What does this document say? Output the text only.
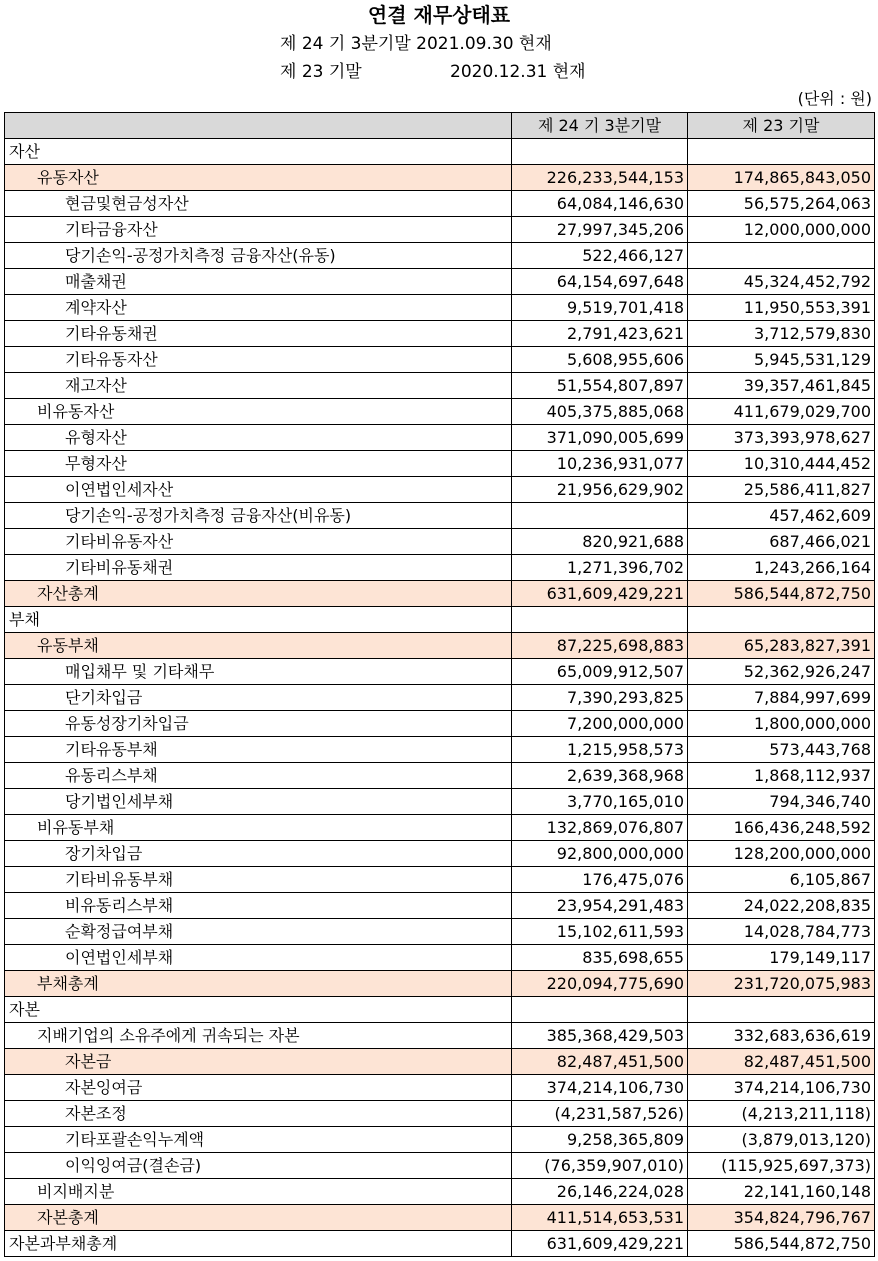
연결 재무상태표
제 24 기 3분기말 2021.09.30 현재
제 23 기말	2020.12.31 현재
(단위 : 원)
	제 24 기 3분기말	제 23 기말
자산		
유동자산	226,233,544,153	174,865,843,050
현금및현금성자산	64,084,146,630	56,575,264,063
기타금융자산	27,997,345,206	12,000,000,000
당기손익-공정가치측정 금융자산(유동)	522,466,127	
매출채권	64,154,697,648	45,324,452,792
계약자산	9,519,701,418	11,950,553,391
기타유동채권	2,791,423,621	3,712,579,830
기타유동자산	5,608,955,606	5,945,531,129
재고자산	51,554,807,897	39,357,461,845
비유동자산	405,375,885,068	411,679,029,700
유형자산	371,090,005,699	373,393,978,627
무형자산	10,236,931,077	10,310,444,452
이연법인세자산	21,956,629,902	25,586,411,827
당기손익-공정가치측정 금융자산(비유동)		457,462,609
기타비유동자산	820,921,688	687,466,021
기타비유동채권	1,271,396,702	1,243,266,164
자산총계	631,609,429,221	586,544,872,750
부채		
유동부채	87,225,698,883	65,283,827,391
매입채무 및 기타채무	65,009,912,507	52,362,926,247
단기차입금	7,390,293,825	7,884,997,699
유동성장기차입금	7,200,000,000	1,800,000,000
기타유동부채	1,215,958,573	573,443,768
유동리스부채	2,639,368,968	1,868,112,937
당기법인세부채	3,770,165,010	794,346,740
비유동부채	132,869,076,807	166,436,248,592
장기차입금	92,800,000,000	128,200,000,000
기타비유동부채	176,475,076	6,105,867
비유동리스부채	23,954,291,483	24,022,208,835
순확정급여부채	15,102,611,593	14,028,784,773
이연법인세부채	835,698,655	179,149,117
부채총계	220,094,775,690	231,720,075,983
자본		
지배기업의 소유주에게 귀속되는 자본	385,368,429,503	332,683,636,619
자본금	82,487,451,500	82,487,451,500
자본잉여금	374,214,106,730	374,214,106,730
자본조정	(4,231,587,526)	(4,213,211,118)
기타포괄손익누계액	9,258,365,809	(3,879,013,120)
이익잉여금(결손금)	(76,359,907,010)	(115,925,697,373)
비지배지분	26,146,224,028	22,141,160,148
자본총계	411,514,653,531	354,824,796,767
자본과부채총계	631,609,429,221	586,544,872,750
